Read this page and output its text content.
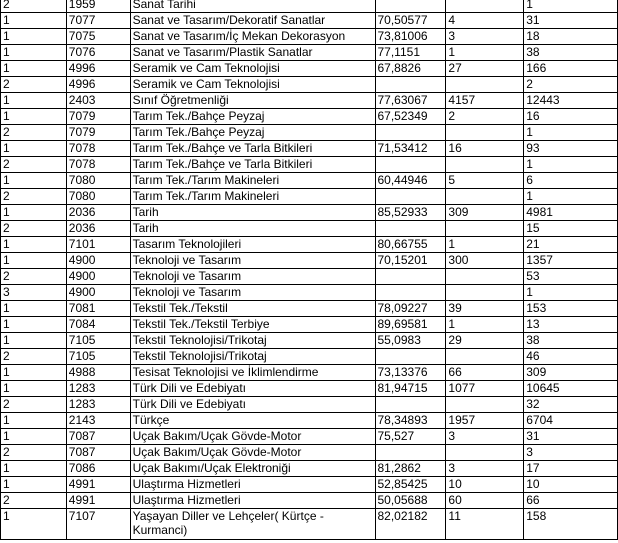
2	1959	Sanat Tarihi			1
1	7077	Sanat ve Tasarım/Dekoratif Sanatlar	70,50577	4	31
1	7075	Sanat ve Tasarım/İç Mekan Dekorasyon	73,81006	3	18
1	7076	Sanat ve Tasarım/Plastik Sanatlar	77,1151	1	38
1	4996	Seramik ve Cam Teknolojisi	67,8826	27	166
2	4996	Seramik ve Cam Teknolojisi			2
1	2403	Sınıf Öğretmenliği	77,63067	4157	12443
1	7079	Tarım Tek./Bahçe Peyzaj	67,52349	2	16
2	7079	Tarım Tek./Bahçe Peyzaj			1
1	7078	Tarım Tek./Bahçe ve Tarla Bitkileri	71,53412	16	93
2	7078	Tarım Tek./Bahçe ve Tarla Bitkileri			1
1	7080	Tarım Tek./Tarım Makineleri	60,44946	5	6
2	7080	Tarım Tek./Tarım Makineleri			1
1	2036	Tarih	85,52933	309	4981
2	2036	Tarih			15
1	7101	Tasarım Teknolojileri	80,66755	1	21
1	4900	Teknoloji ve Tasarım	70,15201	300	1357
2	4900	Teknoloji ve Tasarım			53
3	4900	Teknoloji ve Tasarım			1
1	7081	Tekstil Tek./Tekstil	78,09227	39	153
1	7084	Tekstil Tek./Tekstil Terbiye	89,69581	1	13
1	7105	Tekstil Teknolojisi/Trikotaj	55,0983	29	38
2	7105	Tekstil Teknolojisi/Trikotaj			46
1	4988	Tesisat Teknolojisi ve İklimlendirme	73,13376	66	309
1	1283	Türk Dili ve Edebiyatı	81,94715	1077	10645
2	1283	Türk Dili ve Edebiyatı			32
1	2143	Türkçe	78,34893	1957	6704
1	7087	Uçak Bakım/Uçak Gövde-Motor	75,527	3	31
2	7087	Uçak Bakım/Uçak Gövde-Motor			3
1	7086	Uçak Bakımı/Uçak Elektroniği	81,2862	3	17
1	4991	Ulaştırma Hizmetleri	52,85425	10	10
2	4991	Ulaştırma Hizmetleri	50,05688	60	66
1	7107	Yaşayan Diller ve Lehçeler( Kürtçe - Kurmanci)	82,02182	11	158
